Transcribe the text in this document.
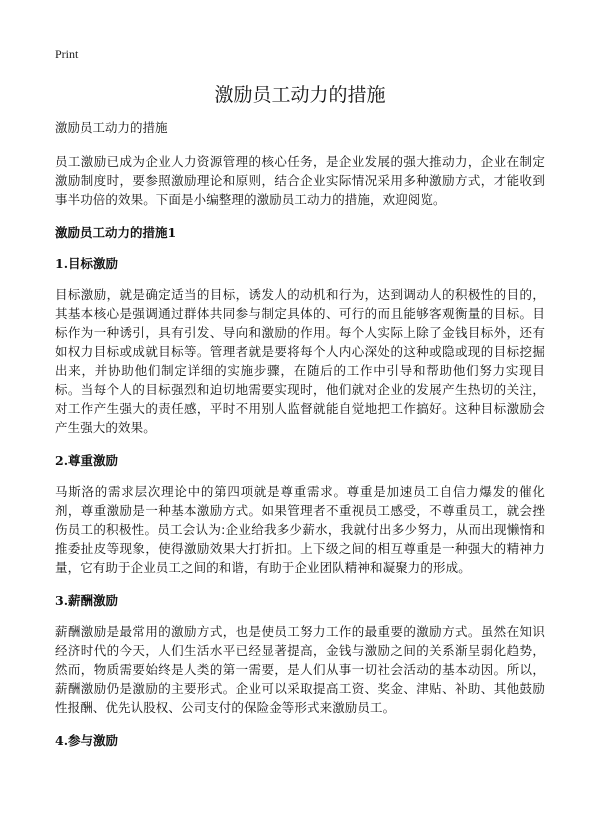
Print
激励员工动力的措施
激励员工动力的措施

员工激励已成为企业人力资源管理的核心任务，是企业发展的强大推动力，企业在制定激励制度时，要参照激励理论和原则，结合企业实际情况采用多种激励方式，才能收到事半功倍的效果。下面是小编整理的激励员工动力的措施，欢迎阅览。

激励员工动力的措施1
1.目标激励

目标激励，就是确定适当的目标，诱发人的动机和行为，达到调动人的积极性的目的，其基本核心是强调通过群体共同参与制定具体的、可行的而且能够客观衡量的目标。目标作为一种诱引，具有引发、导向和激励的作用。每个人实际上除了金钱目标外，还有如权力目标或成就目标等。管理者就是要将每个人内心深处的这种或隐或现的目标挖掘出来，并协助他们制定详细的实施步骤，在随后的工作中引导和帮助他们努力实现目标。当每个人的目标强烈和迫切地需要实现时，他们就对企业的发展产生热切的关注，对工作产生强大的责任感，平时不用别人监督就能自觉地把工作搞好。这种目标激励会产生强大的效果。

2.尊重激励

马斯洛的需求层次理论中的第四项就是尊重需求。尊重是加速员工自信力爆发的催化剂，尊重激励是一种基本激励方式。如果管理者不重视员工感受，不尊重员工，就会挫伤员工的积极性。员工会认为:企业给我多少薪水，我就付出多少努力，从而出现懒惰和推委扯皮等现象，使得激励效果大打折扣。上下级之间的相互尊重是一种强大的精神力量，它有助于企业员工之间的和谐，有助于企业团队精神和凝聚力的形成。

3.薪酬激励

薪酬激励是最常用的激励方式，也是使员工努力工作的最重要的激励方式。虽然在知识经济时代的今天，人们生活水平已经显著提高，金钱与激励之间的关系渐呈弱化趋势，然而，物质需要始终是人类的第一需要，是人们从事一切社会活动的基本动因。所以，薪酬激励仍是激励的主要形式。企业可以采取提高工资、奖金、津贴、补助、其他鼓励性报酬、优先认股权、公司支付的保险金等形式来激励员工。

4.参与激励
